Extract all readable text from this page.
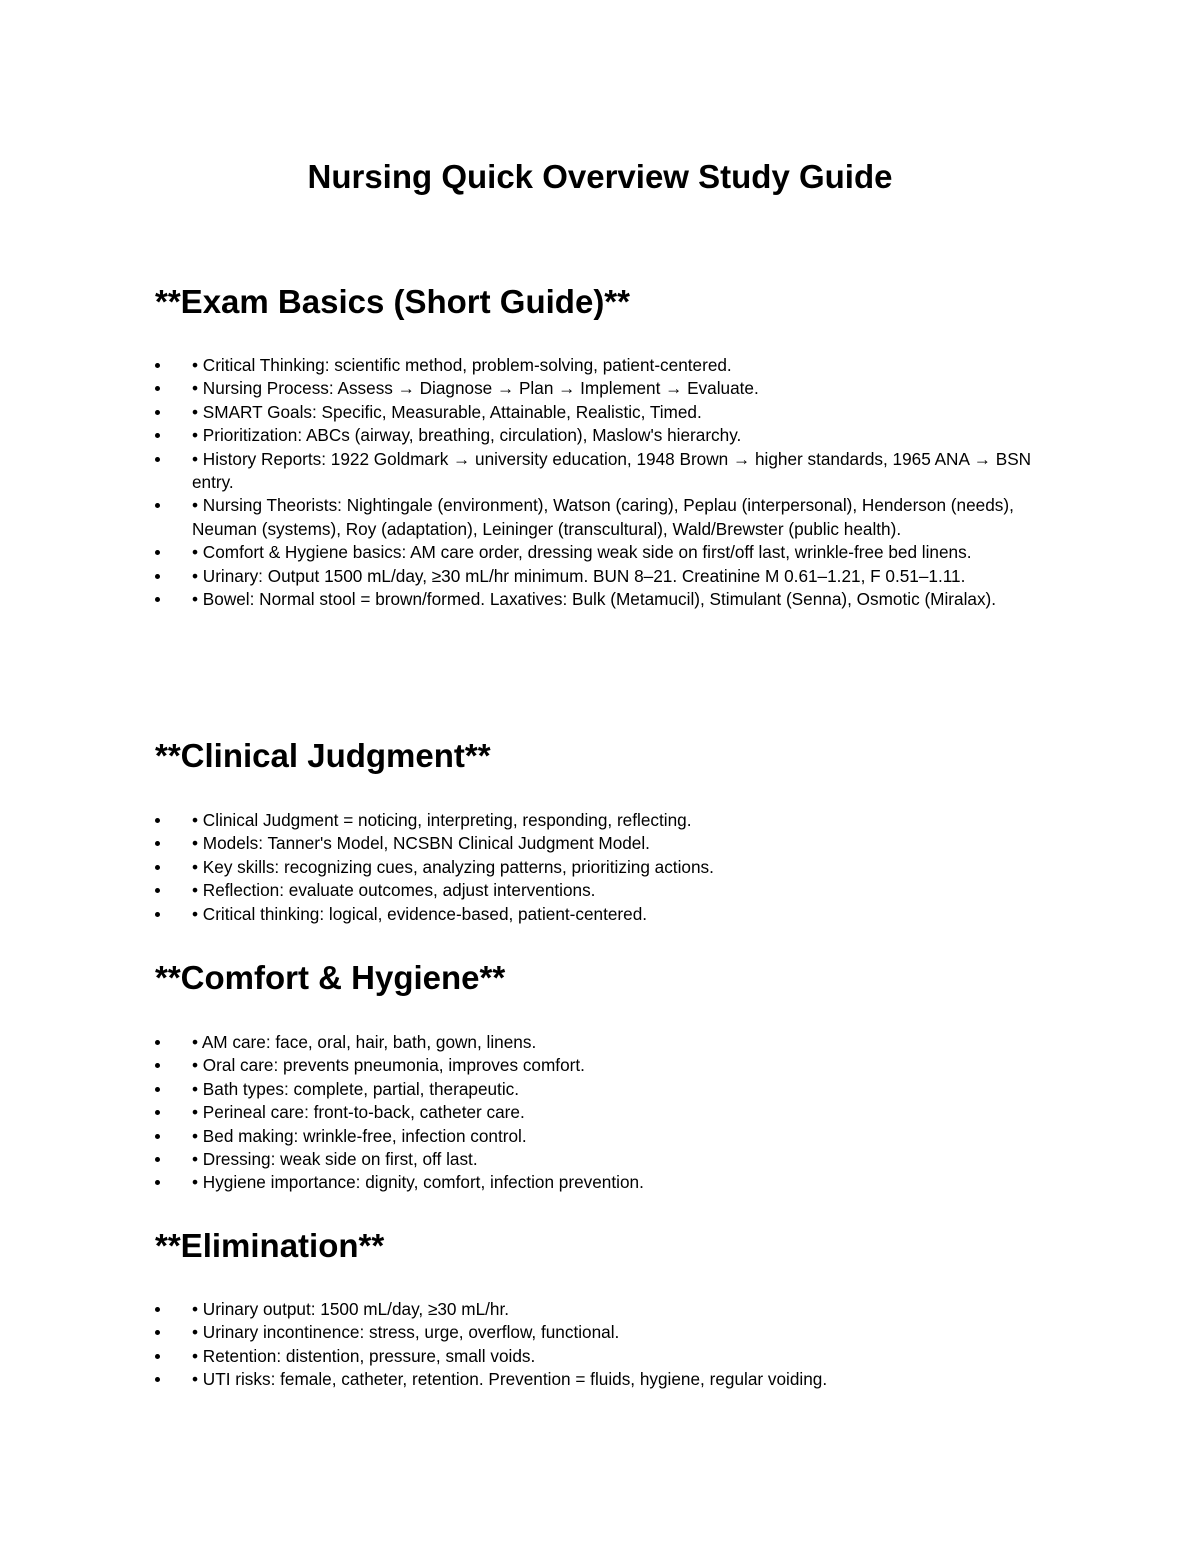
Nursing Quick Overview Study Guide
**Exam Basics (Short Guide)**
• Critical Thinking: scientific method, problem-solving, patient-centered.
• Nursing Process: Assess → Diagnose → Plan → Implement → Evaluate.
• SMART Goals: Specific, Measurable, Attainable, Realistic, Timed.
• Prioritization: ABCs (airway, breathing, circulation), Maslow's hierarchy.
• History Reports: 1922 Goldmark → university education, 1948 Brown → higher standards, 1965 ANA → BSN entry.
• Nursing Theorists: Nightingale (environment), Watson (caring), Peplau (interpersonal), Henderson (needs), Neuman (systems), Roy (adaptation), Leininger (transcultural), Wald/Brewster (public health).
• Comfort & Hygiene basics: AM care order, dressing weak side on first/off last, wrinkle-free bed linens.
• Urinary: Output 1500 mL/day, ≥30 mL/hr minimum. BUN 8–21. Creatinine M 0.61–1.21, F 0.51–1.11.
• Bowel: Normal stool = brown/formed. Laxatives: Bulk (Metamucil), Stimulant (Senna), Osmotic (Miralax).
**Clinical Judgment**
• Clinical Judgment = noticing, interpreting, responding, reflecting.
• Models: Tanner's Model, NCSBN Clinical Judgment Model.
• Key skills: recognizing cues, analyzing patterns, prioritizing actions.
• Reflection: evaluate outcomes, adjust interventions.
• Critical thinking: logical, evidence-based, patient-centered.
**Comfort & Hygiene**
• AM care: face, oral, hair, bath, gown, linens.
• Oral care: prevents pneumonia, improves comfort.
• Bath types: complete, partial, therapeutic.
• Perineal care: front-to-back, catheter care.
• Bed making: wrinkle-free, infection control.
• Dressing: weak side on first, off last.
• Hygiene importance: dignity, comfort, infection prevention.
**Elimination**
• Urinary output: 1500 mL/day, ≥30 mL/hr.
• Urinary incontinence: stress, urge, overflow, functional.
• Retention: distention, pressure, small voids.
• UTI risks: female, catheter, retention. Prevention = fluids, hygiene, regular voiding.
